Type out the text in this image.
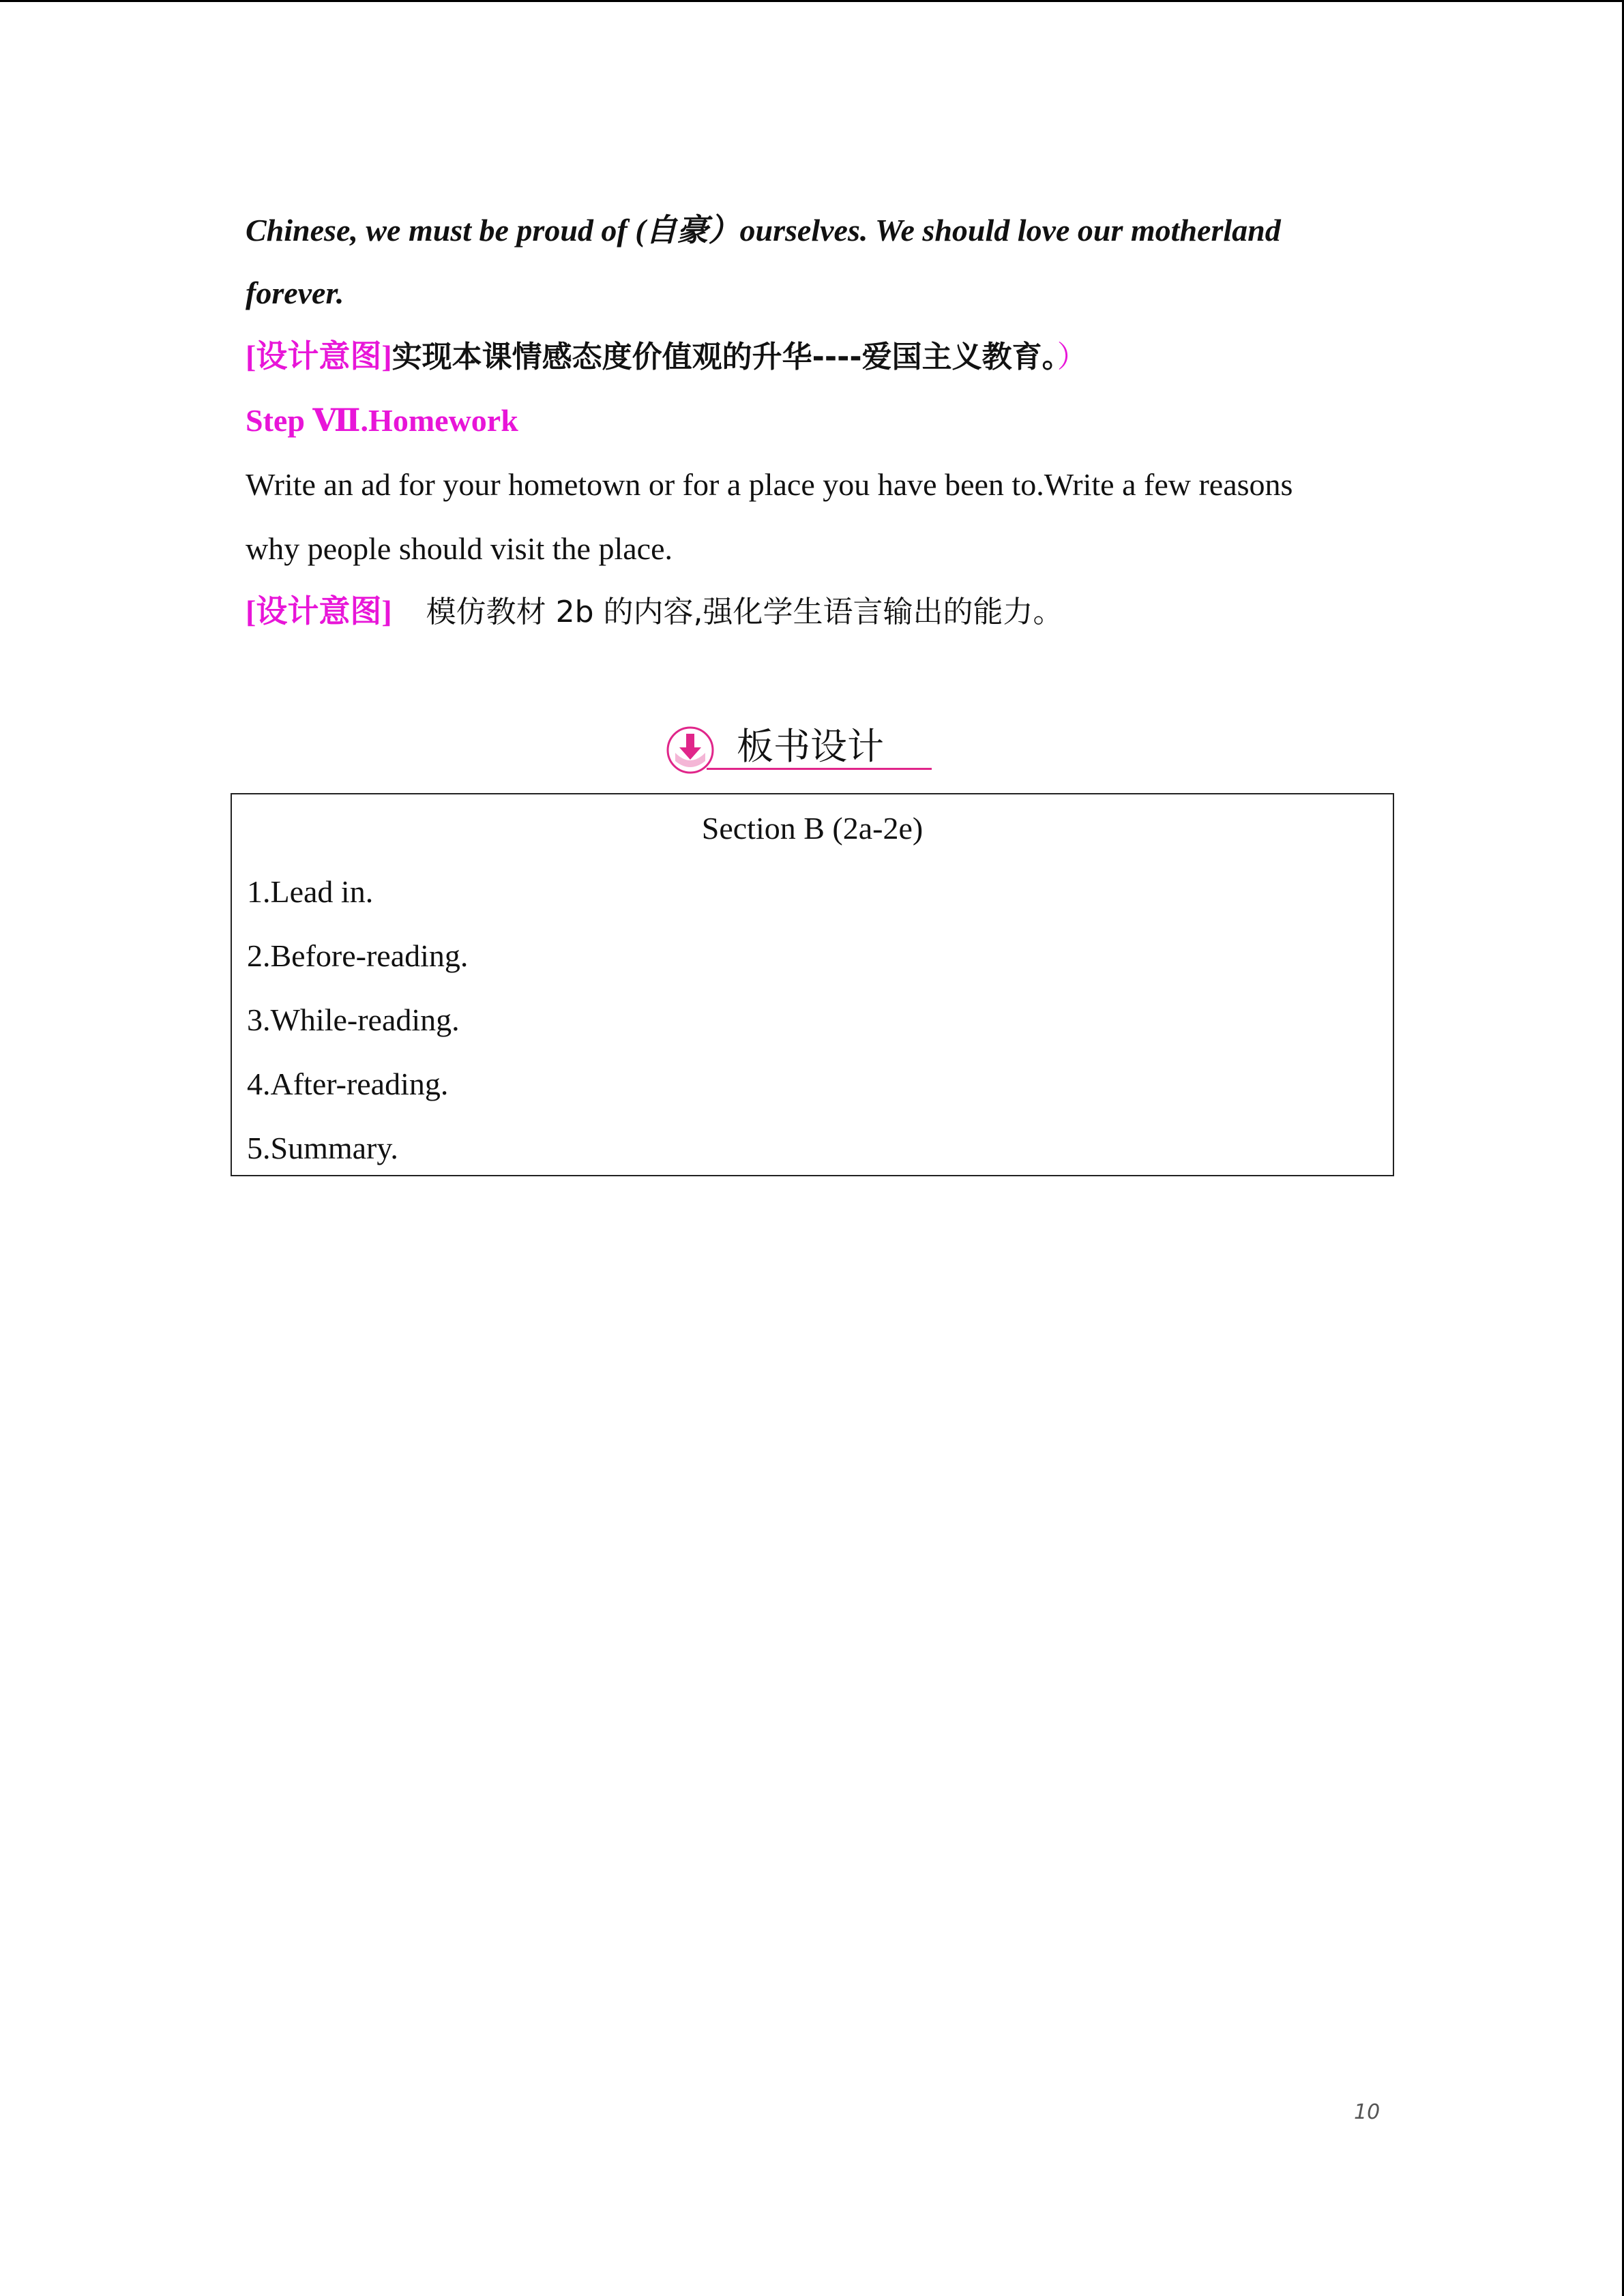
Chinese, we must be proud of (自豪）ourselves. We should love our motherland
forever.
[设计意图]实现本课情感态度价值观的升华----爱国主义教育。）
Step Ⅶ.Homework
Write an ad for your hometown or for a place you have been to.Write a few reasons
why people should visit the place.
[设计意图] 模仿教材 2b 的内容,强化学生语言输出的能力。
板书设计
Section B (2a-2e)
1.Lead in.
2.Before-reading.
3.While-reading.
4.After-reading.
5.Summary.
10
